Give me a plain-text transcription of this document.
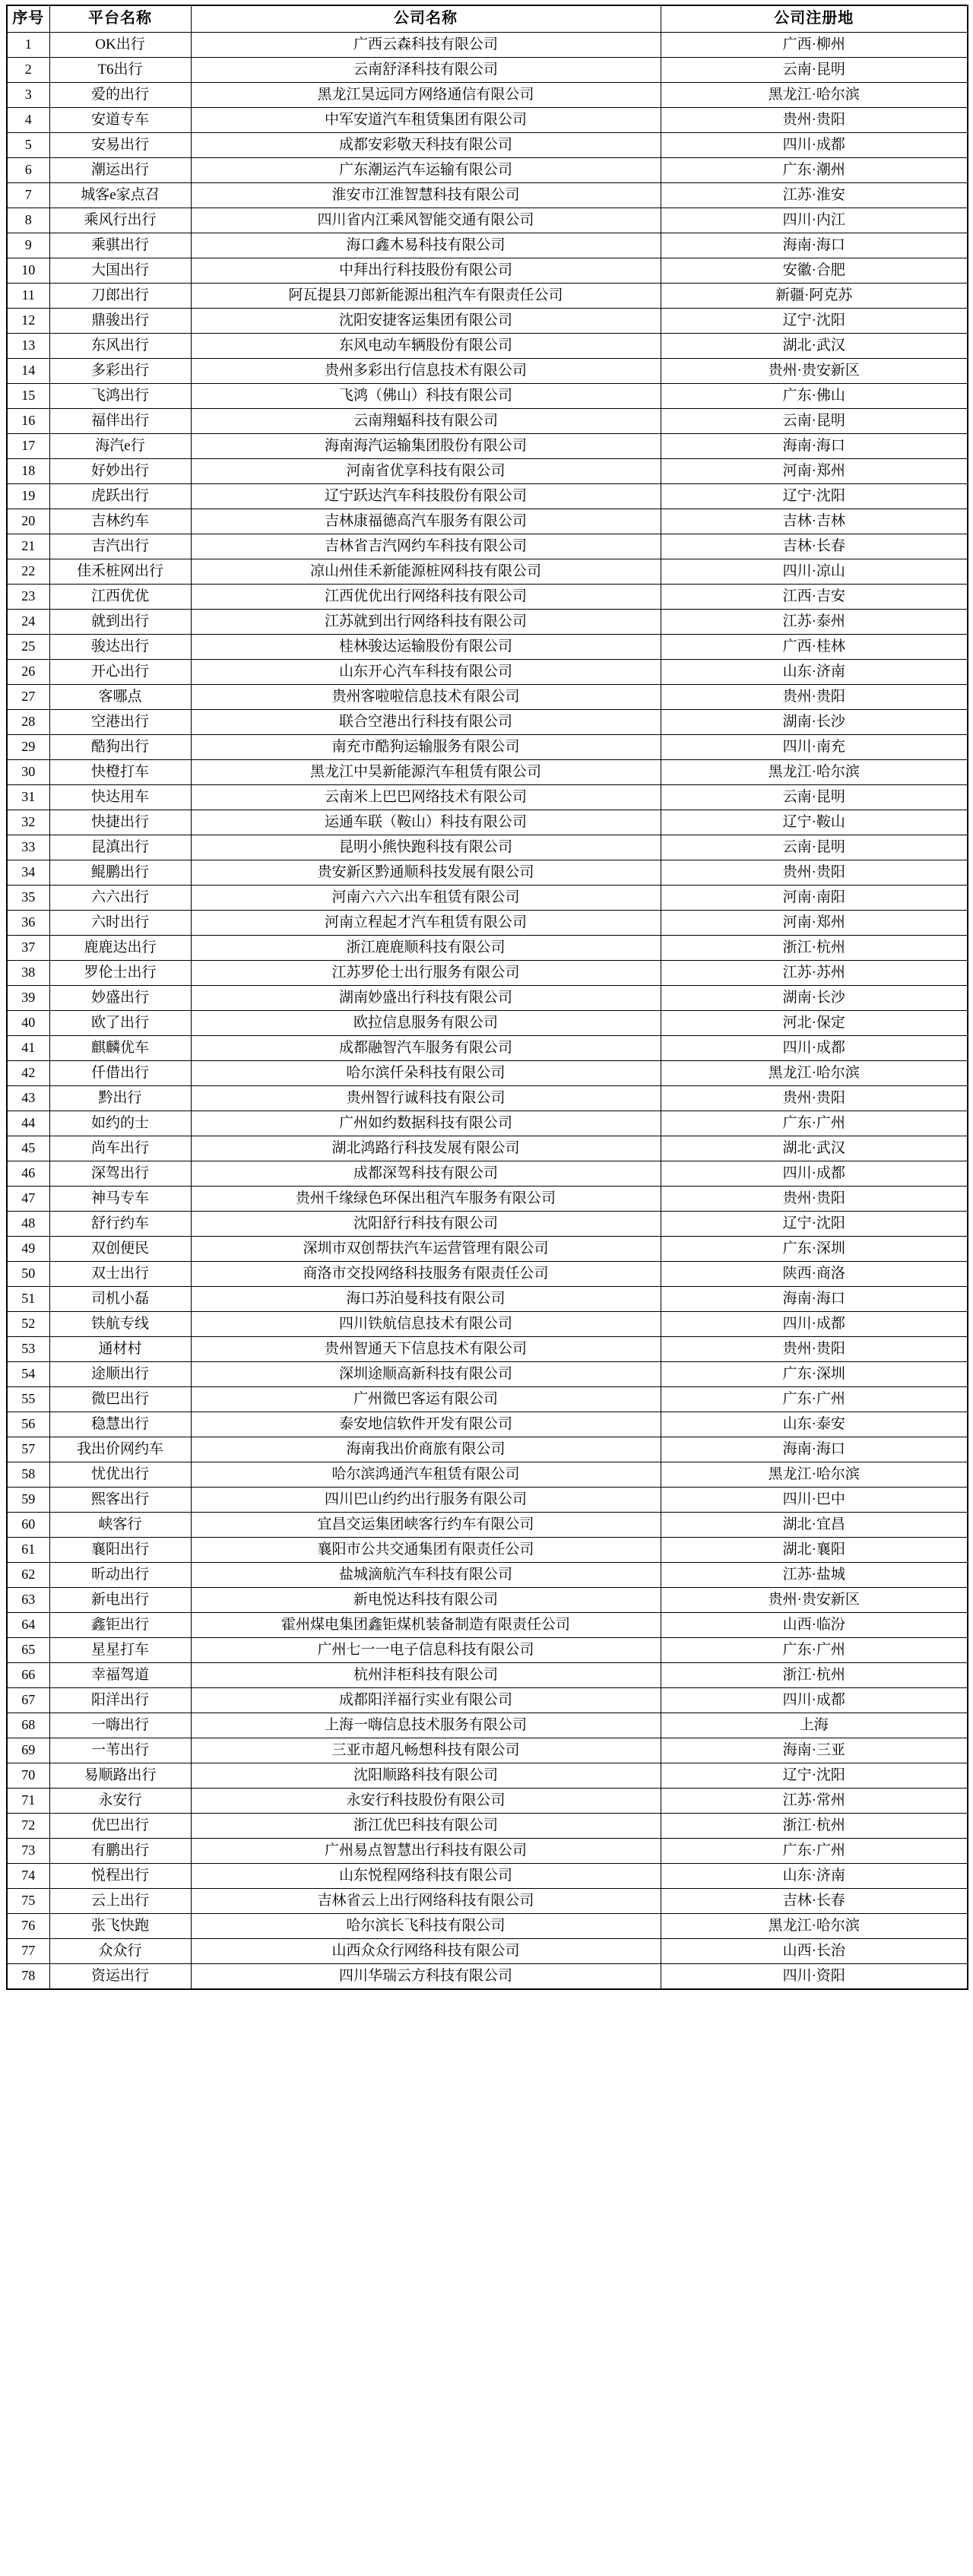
序号	平台名称	公司名称	公司注册地
1	OK出行	广西云森科技有限公司	广西·柳州
2	T6出行	云南舒泽科技有限公司	云南·昆明
3	爱的出行	黑龙江昊远同方网络通信有限公司	黑龙江·哈尔滨
4	安道专车	中军安道汽车租赁集团有限公司	贵州·贵阳
5	安易出行	成都安彩敬天科技有限公司	四川·成都
6	潮运出行	广东潮运汽车运输有限公司	广东·潮州
7	城客e家点召	淮安市江淮智慧科技有限公司	江苏·淮安
8	乘风行出行	四川省内江乘风智能交通有限公司	四川·内江
9	乘骐出行	海口鑫木易科技有限公司	海南·海口
10	大国出行	中拜出行科技股份有限公司	安徽·合肥
11	刀郎出行	阿瓦提县刀郎新能源出租汽车有限责任公司	新疆·阿克苏
12	鼎骏出行	沈阳安捷客运集团有限公司	辽宁·沈阳
13	东风出行	东风电动车辆股份有限公司	湖北·武汉
14	多彩出行	贵州多彩出行信息技术有限公司	贵州·贵安新区
15	飞鸿出行	飞鸿（佛山）科技有限公司	广东·佛山
16	福伴出行	云南翔蝠科技有限公司	云南·昆明
17	海汽e行	海南海汽运输集团股份有限公司	海南·海口
18	好妙出行	河南省优享科技有限公司	河南·郑州
19	虎跃出行	辽宁跃达汽车科技股份有限公司	辽宁·沈阳
20	吉林约车	吉林康福德高汽车服务有限公司	吉林·吉林
21	吉汽出行	吉林省吉汽网约车科技有限公司	吉林·长春
22	佳禾桩网出行	凉山州佳禾新能源桩网科技有限公司	四川·凉山
23	江西优优	江西优优出行网络科技有限公司	江西·吉安
24	就到出行	江苏就到出行网络科技有限公司	江苏·泰州
25	骏达出行	桂林骏达运输股份有限公司	广西·桂林
26	开心出行	山东开心汽车科技有限公司	山东·济南
27	客哪点	贵州客啦啦信息技术有限公司	贵州·贵阳
28	空港出行	联合空港出行科技有限公司	湖南·长沙
29	酷狗出行	南充市酷狗运输服务有限公司	四川·南充
30	快橙打车	黑龙江中昊新能源汽车租赁有限公司	黑龙江·哈尔滨
31	快达用车	云南米上巴巴网络技术有限公司	云南·昆明
32	快捷出行	运通车联（鞍山）科技有限公司	辽宁·鞍山
33	昆滇出行	昆明小熊快跑科技有限公司	云南·昆明
34	鲲鹏出行	贵安新区黔通顺科技发展有限公司	贵州·贵阳
35	六六出行	河南六六六出车租赁有限公司	河南·南阳
36	六时出行	河南立程起才汽车租赁有限公司	河南·郑州
37	鹿鹿达出行	浙江鹿鹿顺科技有限公司	浙江·杭州
38	罗伦士出行	江苏罗伦士出行服务有限公司	江苏·苏州
39	妙盛出行	湖南妙盛出行科技有限公司	湖南·长沙
40	欧了出行	欧拉信息服务有限公司	河北·保定
41	麒麟优车	成都融智汽车服务有限公司	四川·成都
42	仟借出行	哈尔滨仟朵科技有限公司	黑龙江·哈尔滨
43	黔出行	贵州智行诚科技有限公司	贵州·贵阳
44	如约的士	广州如约数据科技有限公司	广东·广州
45	尚车出行	湖北鸿路行科技发展有限公司	湖北·武汉
46	深驾出行	成都深驾科技有限公司	四川·成都
47	神马专车	贵州千缘绿色环保出租汽车服务有限公司	贵州·贵阳
48	舒行约车	沈阳舒行科技有限公司	辽宁·沈阳
49	双创便民	深圳市双创帮扶汽车运营管理有限公司	广东·深圳
50	双士出行	商洛市交投网络科技服务有限责任公司	陕西·商洛
51	司机小磊	海口苏泊曼科技有限公司	海南·海口
52	铁航专线	四川铁航信息技术有限公司	四川·成都
53	通材村	贵州智通天下信息技术有限公司	贵州·贵阳
54	途顺出行	深圳途顺高新科技有限公司	广东·深圳
55	微巴出行	广州微巴客运有限公司	广东·广州
56	稳慧出行	泰安地信软件开发有限公司	山东·泰安
57	我出价网约车	海南我出价商旅有限公司	海南·海口
58	忧优出行	哈尔滨鸿通汽车租赁有限公司	黑龙江·哈尔滨
59	熙客出行	四川巴山约约出行服务有限公司	四川·巴中
60	峡客行	宜昌交运集团峡客行约车有限公司	湖北·宜昌
61	襄阳出行	襄阳市公共交通集团有限责任公司	湖北·襄阳
62	昕动出行	盐城滴航汽车科技有限公司	江苏·盐城
63	新电出行	新电悦达科技有限公司	贵州·贵安新区
64	鑫钜出行	霍州煤电集团鑫钜煤机装备制造有限责任公司	山西·临汾
65	星星打车	广州七一一电子信息科技有限公司	广东·广州
66	幸福驾道	杭州沣柜科技有限公司	浙江·杭州
67	阳洋出行	成都阳洋福行实业有限公司	四川·成都
68	一嗨出行	上海一嗨信息技术服务有限公司	上海
69	一苇出行	三亚市超凡畅想科技有限公司	海南·三亚
70	易顺路出行	沈阳顺路科技有限公司	辽宁·沈阳
71	永安行	永安行科技股份有限公司	江苏·常州
72	优巴出行	浙江优巴科技有限公司	浙江·杭州
73	有鹏出行	广州易点智慧出行科技有限公司	广东·广州
74	悦程出行	山东悦程网络科技有限公司	山东·济南
75	云上出行	吉林省云上出行网络科技有限公司	吉林·长春
76	张飞快跑	哈尔滨长飞科技有限公司	黑龙江·哈尔滨
77	众众行	山西众众行网络科技有限公司	山西·长治
78	资运出行	四川华瑞云方科技有限公司	四川·资阳
